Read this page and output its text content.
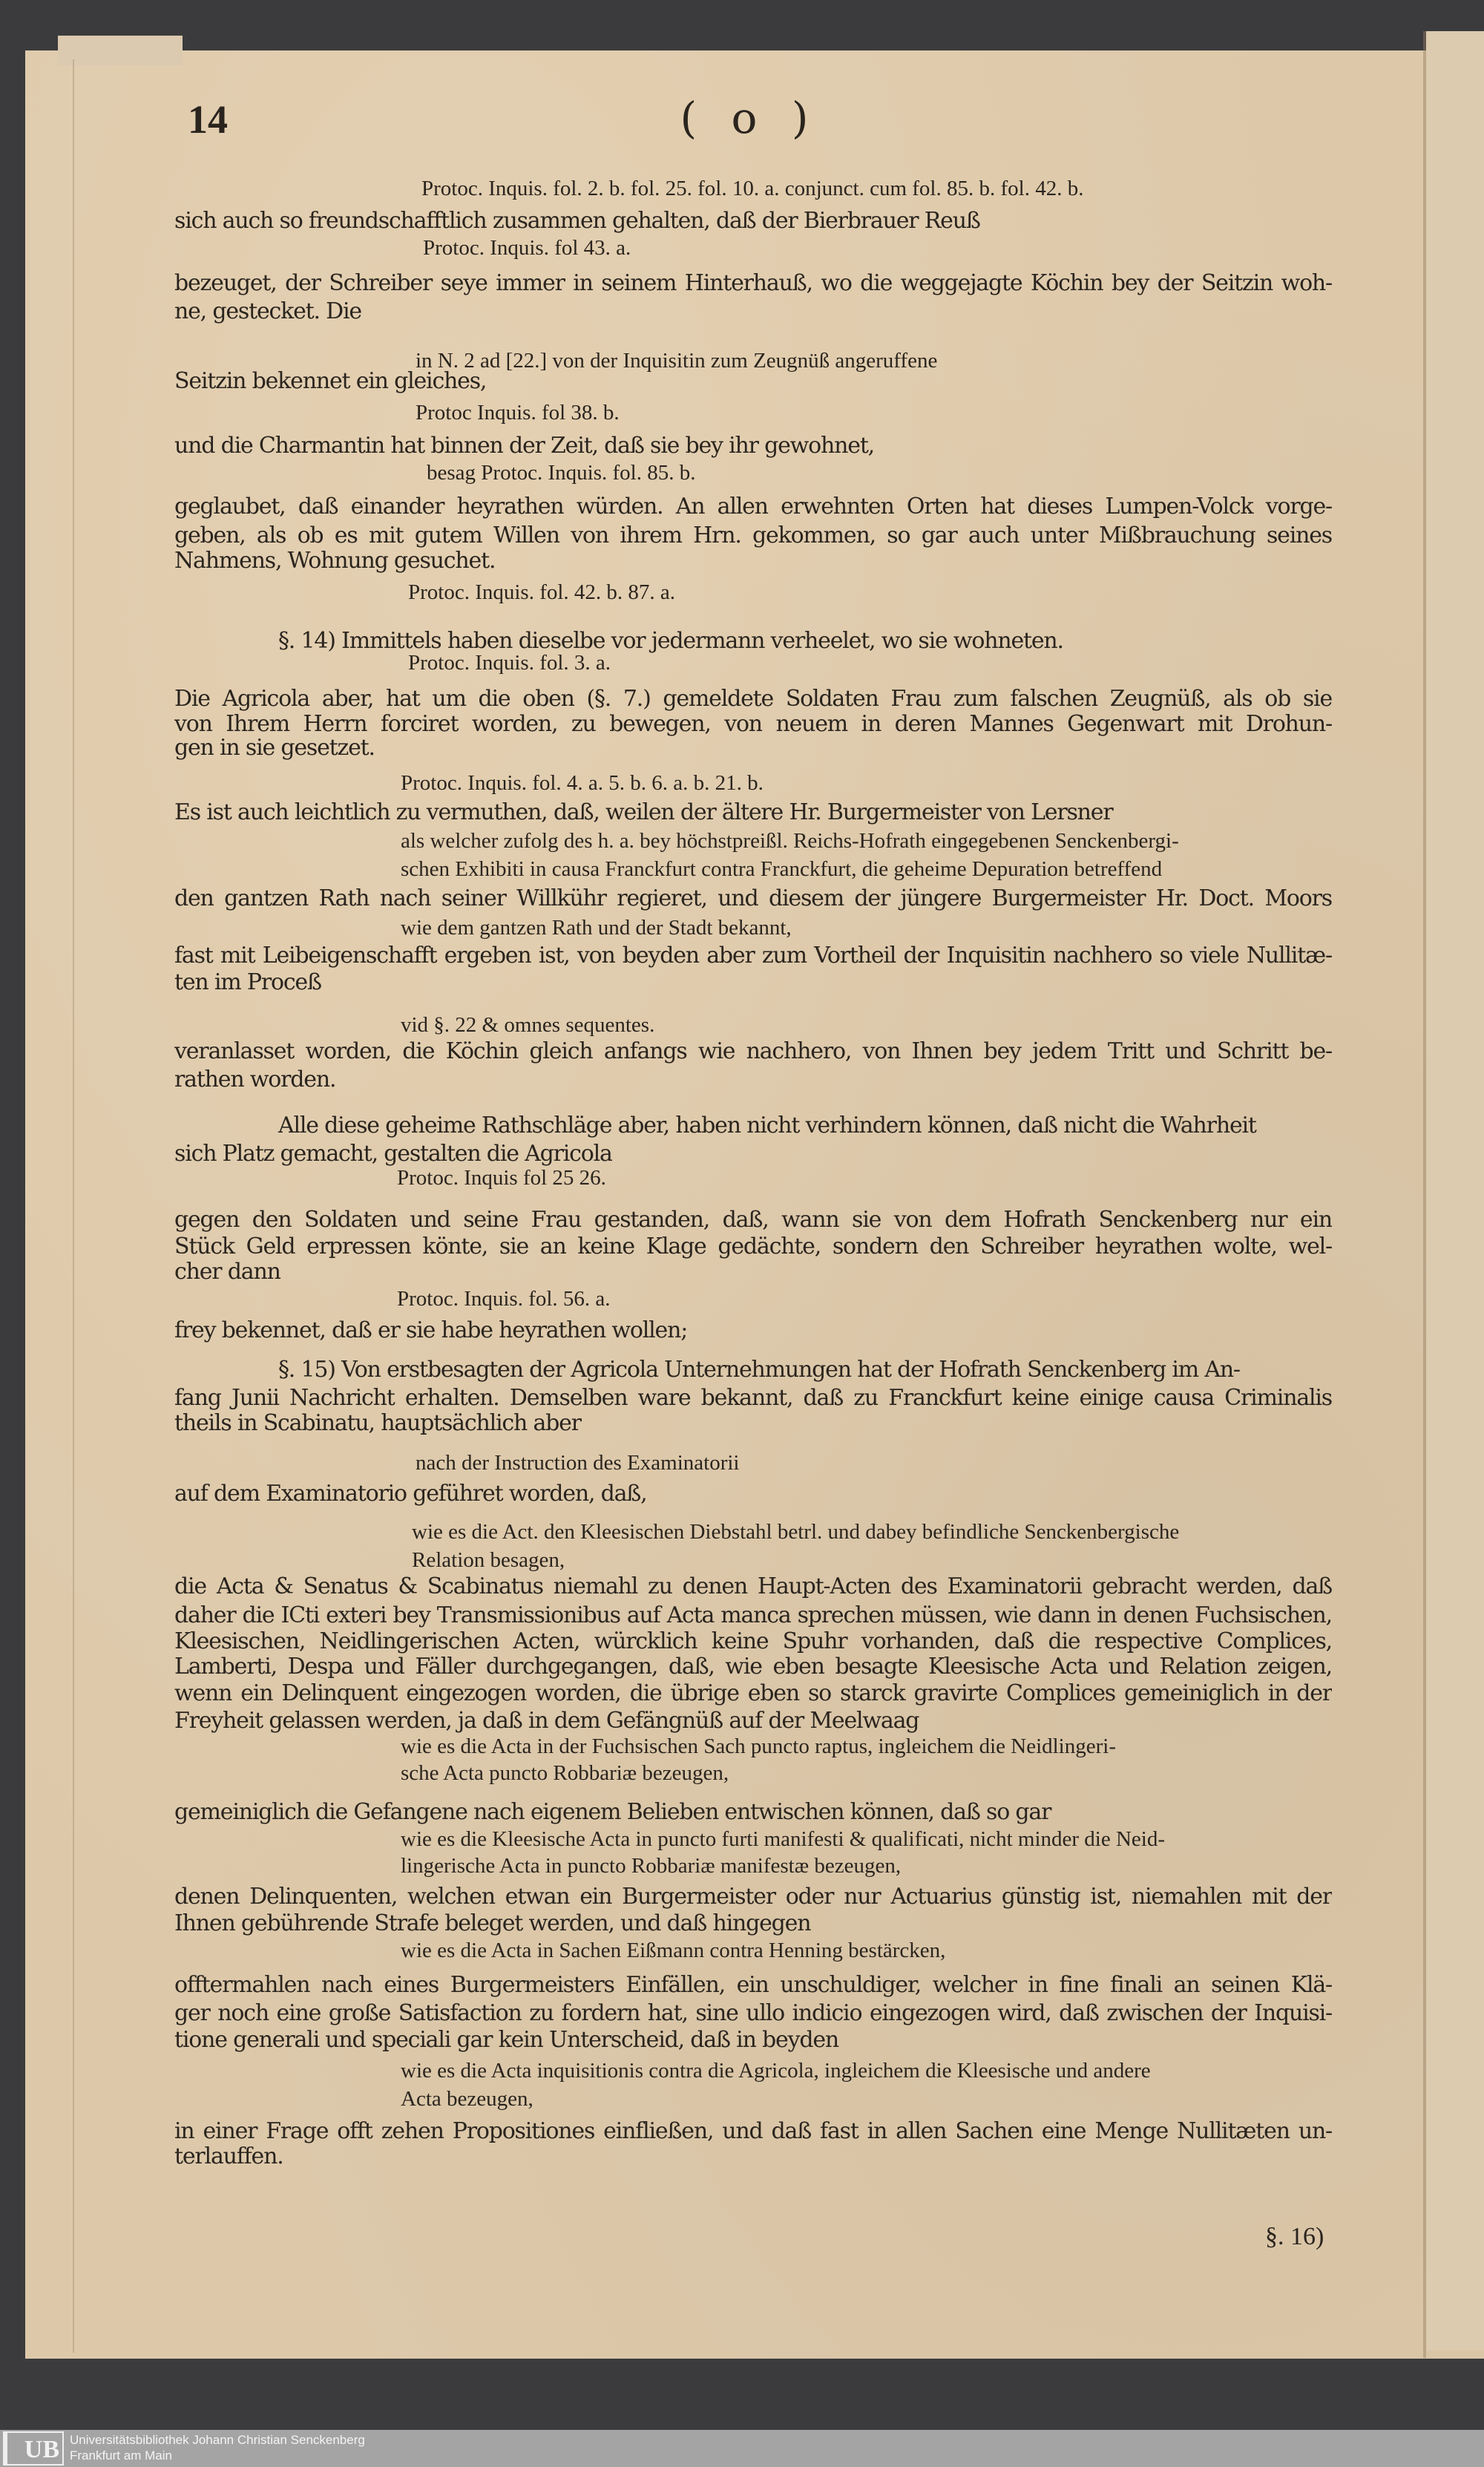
14	( o )
Protoc. Inquis. fol. 2. b. fol. 25. fol. 10. a. conjunct. cum fol. 85. b. fol. 42. b.
sich auch so freundschafftlich zusammen gehalten, daß der Bierbrauer Reuß
Protoc. Inquis. fol 43. a.
bezeuget, der Schreiber seye immer in seinem Hinterhauß, wo die weggejagte Köchin bey der Seitzin woh-
ne, gestecket. Die
in N. 2 ad [22.] von der Inquisitin zum Zeugnüß angeruffene
Seitzin bekennet ein gleiches,
Protoc Inquis. fol 38. b.
und die Charmantin hat binnen der Zeit, daß sie bey ihr gewohnet,
besag Protoc. Inquis. fol. 85. b.
geglaubet, daß einander heyrathen würden. An allen erwehnten Orten hat dieses Lumpen-Volck vorge-
geben, als ob es mit gutem Willen von ihrem Hrn. gekommen, so gar auch unter Mißbrauchung seines
Nahmens, Wohnung gesuchet.
Protoc. Inquis. fol. 42. b. 87. a.
§. 14) Immittels haben dieselbe vor jedermann verheelet, wo sie wohneten.
Protoc. Inquis. fol. 3. a.
Die Agricola aber, hat um die oben (§. 7.) gemeldete Soldaten Frau zum falschen Zeugnüß, als ob sie
von Ihrem Herrn forciret worden, zu bewegen, von neuem in deren Mannes Gegenwart mit Drohun-
gen in sie gesetzet.
Protoc. Inquis. fol. 4. a. 5. b. 6. a. b. 21. b.
Es ist auch leichtlich zu vermuthen, daß, weilen der ältere Hr. Burgermeister von Lersner
als welcher zufolg des h. a. bey höchstpreißl. Reichs-Hofrath eingegebenen Senckenbergi-
schen Exhibiti in causa Franckfurt contra Franckfurt, die geheime Depuration betreffend
den gantzen Rath nach seiner Willkühr regieret, und diesem der jüngere Burgermeister Hr. Doct. Moors
wie dem gantzen Rath und der Stadt bekannt,
fast mit Leibeigenschafft ergeben ist, von beyden aber zum Vortheil der Inquisitin nachhero so viele Nullitæ-
ten im Proceß
vid §. 22 & omnes sequentes.
veranlasset worden, die Köchin gleich anfangs wie nachhero, von Ihnen bey jedem Tritt und Schritt be-
rathen worden.
Alle diese geheime Rathschläge aber, haben nicht verhindern können, daß nicht die Wahrheit
sich Platz gemacht, gestalten die Agricola
Protoc. Inquis fol 25 26.
gegen den Soldaten und seine Frau gestanden, daß, wann sie von dem Hofrath Senckenberg nur ein
Stück Geld erpressen könte, sie an keine Klage gedächte, sondern den Schreiber heyrathen wolte, wel-
cher dann
Protoc. Inquis. fol. 56. a.
frey bekennet, daß er sie habe heyrathen wollen;
§. 15) Von erstbesagten der Agricola Unternehmungen hat der Hofrath Senckenberg im An-
fang Junii Nachricht erhalten. Demselben ware bekannt, daß zu Franckfurt keine einige causa Criminalis
theils in Scabinatu, hauptsächlich aber
nach der Instruction des Examinatorii
auf dem Examinatorio geführet worden, daß,
wie es die Act. den Kleesischen Diebstahl betrl. und dabey befindliche Senckenbergische
Relation besagen,
die Acta & Senatus & Scabinatus niemahl zu denen Haupt-Acten des Examinatorii gebracht werden, daß
daher die ICti exteri bey Transmissionibus auf Acta manca sprechen müssen, wie dann in denen Fuchsischen,
Kleesischen, Neidlingerischen Acten, würcklich keine Spuhr vorhanden, daß die respective Complices,
Lamberti, Despa und Fäller durchgegangen, daß, wie eben besagte Kleesische Acta und Relation zeigen,
wenn ein Delinquent eingezogen worden, die übrige eben so starck gravirte Complices gemeiniglich in der
Freyheit gelassen werden, ja daß in dem Gefängnüß auf der Meelwaag
wie es die Acta in der Fuchsischen Sach puncto raptus, ingleichem die Neidlingeri-
sche Acta puncto Robbariæ bezeugen,
gemeiniglich die Gefangene nach eigenem Belieben entwischen können, daß so gar
wie es die Kleesische Acta in puncto furti manifesti & qualificati, nicht minder die Neid-
lingerische Acta in puncto Robbariæ manifestæ bezeugen,
denen Delinquenten, welchen etwan ein Burgermeister oder nur Actuarius günstig ist, niemahlen mit der
Ihnen gebührende Strafe beleget werden, und daß hingegen
wie es die Acta in Sachen Eißmann contra Henning bestärcken,
offtermahlen nach eines Burgermeisters Einfällen, ein unschuldiger, welcher in fine finali an seinen Klä-
ger noch eine große Satisfaction zu fordern hat, sine ullo indicio eingezogen wird, daß zwischen der Inquisi-
tione generali und speciali gar kein Unterscheid, daß in beyden
wie es die Acta inquisitionis contra die Agricola, ingleichem die Kleesische und andere
Acta bezeugen,
in einer Frage offt zehen Propositiones einfließen, und daß fast in allen Sachen eine Menge Nullitæten un-
terlauffen.
§. 16)
UB Universitätsbibliothek Johann Christian Senckenberg
Frankfurt am Main
